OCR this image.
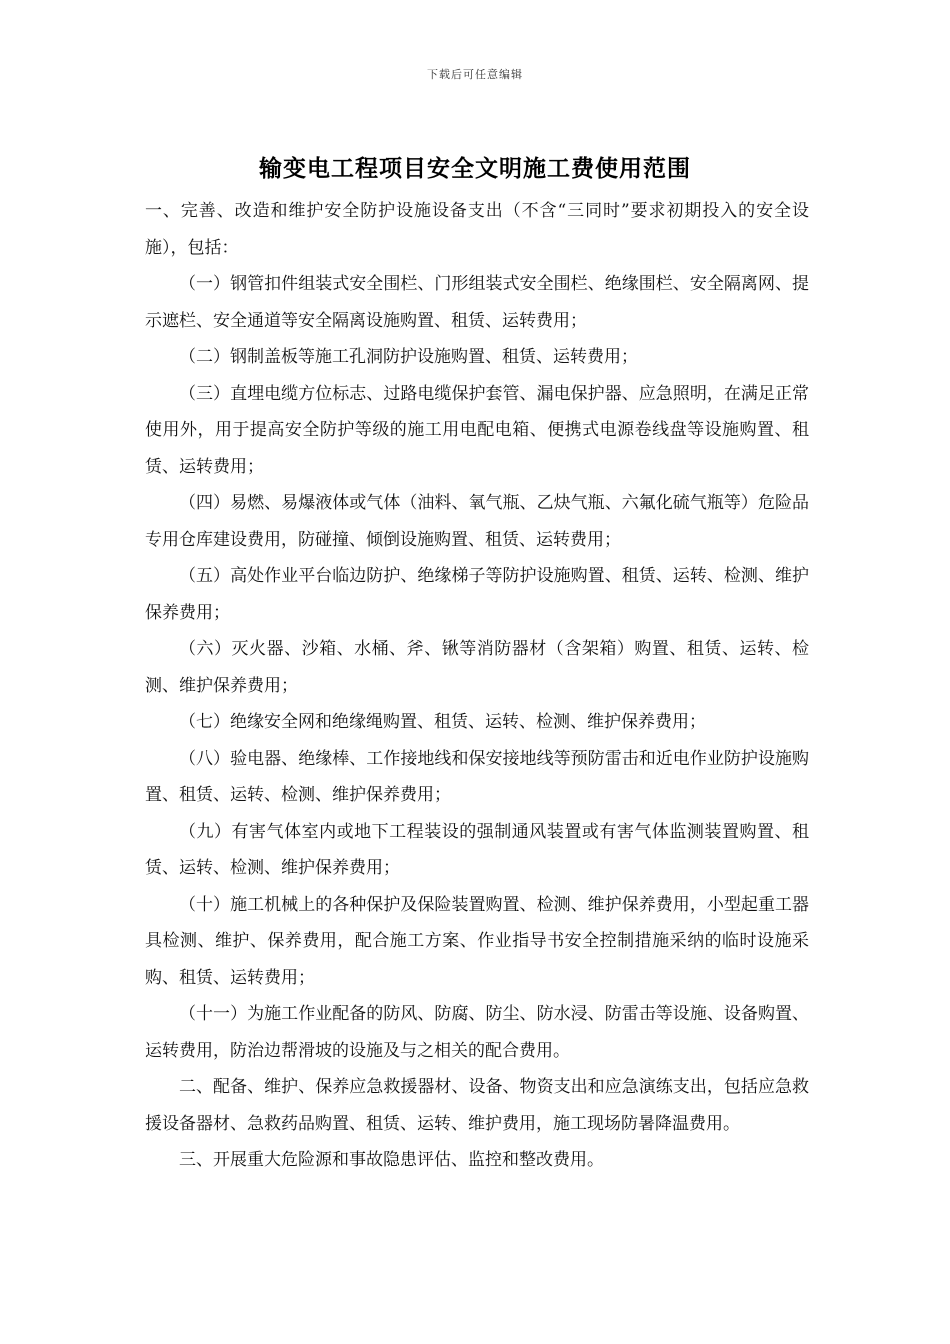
下载后可任意编辑
输变电工程项目安全文明施工费使用范围

一、完善、改造和维护安全防护设施设备支出（不含“三同时”要求初期投入的安全设施），包括：

（一）钢管扣件组装式安全围栏、门形组装式安全围栏、绝缘围栏、安全隔离网、提示遮栏、安全通道等安全隔离设施购置、租赁、运转费用；

（二）钢制盖板等施工孔洞防护设施购置、租赁、运转费用；

（三）直埋电缆方位标志、过路电缆保护套管、漏电保护器、应急照明，在满足正常使用外，用于提高安全防护等级的施工用电配电箱、便携式电源卷线盘等设施购置、租赁、运转费用；

（四）易燃、易爆液体或气体（油料、氧气瓶、乙炔气瓶、六氟化硫气瓶等）危险品专用仓库建设费用，防碰撞、倾倒设施购置、租赁、运转费用；

（五）高处作业平台临边防护、绝缘梯子等防护设施购置、租赁、运转、检测、维护保养费用；

（六）灭火器、沙箱、水桶、斧、锹等消防器材（含架箱）购置、租赁、运转、检测、维护保养费用；

（七）绝缘安全网和绝缘绳购置、租赁、运转、检测、维护保养费用；

（八）验电器、绝缘棒、工作接地线和保安接地线等预防雷击和近电作业防护设施购置、租赁、运转、检测、维护保养费用；

（九）有害气体室内或地下工程装设的强制通风装置或有害气体监测装置购置、租赁、运转、检测、维护保养费用；

（十）施工机械上的各种保护及保险装置购置、检测、维护保养费用，小型起重工器具检测、维护、保养费用，配合施工方案、作业指导书安全控制措施采纳的临时设施采购、租赁、运转费用；

（十一）为施工作业配备的防风、防腐、防尘、防水浸、防雷击等设施、设备购置、运转费用，防治边帮滑坡的设施及与之相关的配合费用。

二、配备、维护、保养应急救援器材、设备、物资支出和应急演练支出，包括应急救援设备器材、急救药品购置、租赁、运转、维护费用，施工现场防暑降温费用。

三、开展重大危险源和事故隐患评估、监控和整改费用。
